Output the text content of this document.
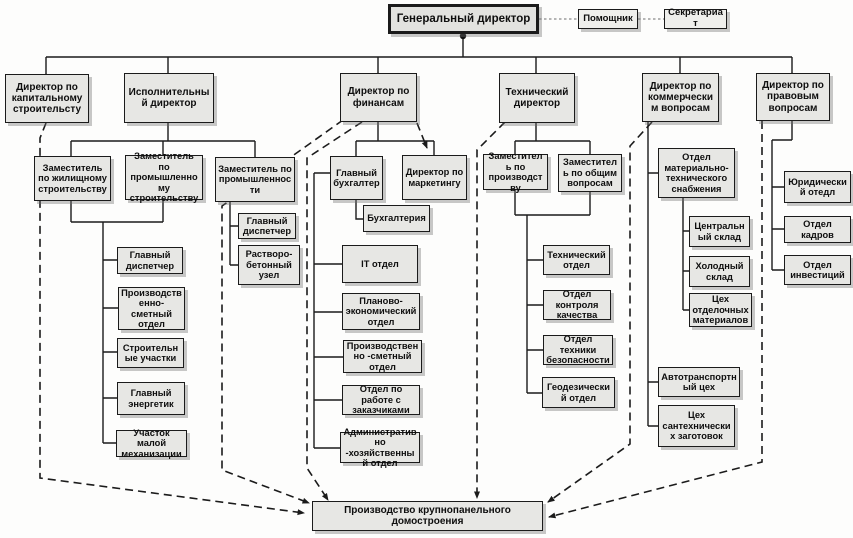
Генеральный директор	Помощник	Секретариат
Директор по капитальному строительсту
Исполнительный директор
Директор по финансам
Технический директор
Директор по коммерческим вопросам
Директор по правовым вопросам
Заместитель по жилищному строительству
Заместитель по промышленному строительству
Заместитель по промышленности
Главный диспетчер
Растворо-бетонный узел
Главный диспетчер
Производственно-сметный отдел
Строительные участки
Главный энергетик
Участок малой механизации
Главный бухгалтер
Директор по маркетингу
Бухгалтерия
IT отдел
Планово-экономический отдел
Производственно -сметный отдел
Отдел по работе с заказчиками
Административно -хозяйственный отдел
Заместитель по производству
Заместитель по общим вопросам
Технический отдел
Отдел контроля качества
Отдел техники безопасности
Геодезический отдел
Отдел материально-технического снабжения
Центральный склад
Холодный склад
Цех отделочных материалов
Автотранспортный цех
Цех сантехнических заготовок
Юридический отедл
Отдел кадров
Отдел инвестиций
Производство крупнопанельного домостроения
